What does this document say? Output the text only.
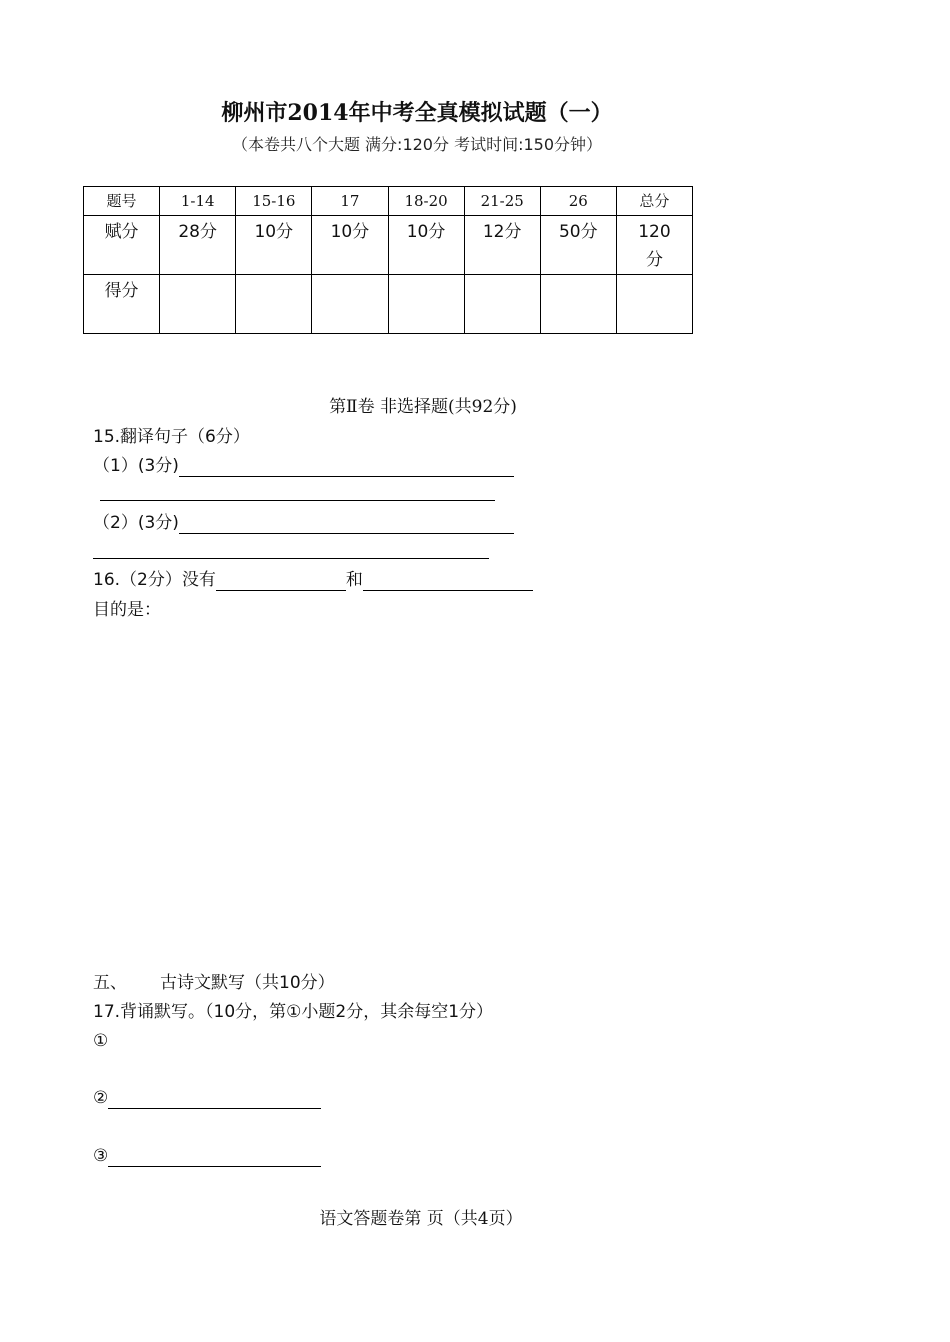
柳州市2014年中考全真模拟试题（一）
（本卷共八个大题 满分:120分 考试时间:150分钟）
题号	1-14	15-16	17	18-20	21-25	26	总分
赋分	28分	10分	10分	10分	12分	50分	120分
得分							
第Ⅱ卷 非选择题(共92分)
15.翻译句子（6分）
（1）(3分)
（2）(3分)
16.（2分）没有	和
目的是：
五、 古诗文默写（共10分）
17.背诵默写。（10分，第①小题2分，其余每空1分）
①
②
③
语文答题卷第 页（共4页）
